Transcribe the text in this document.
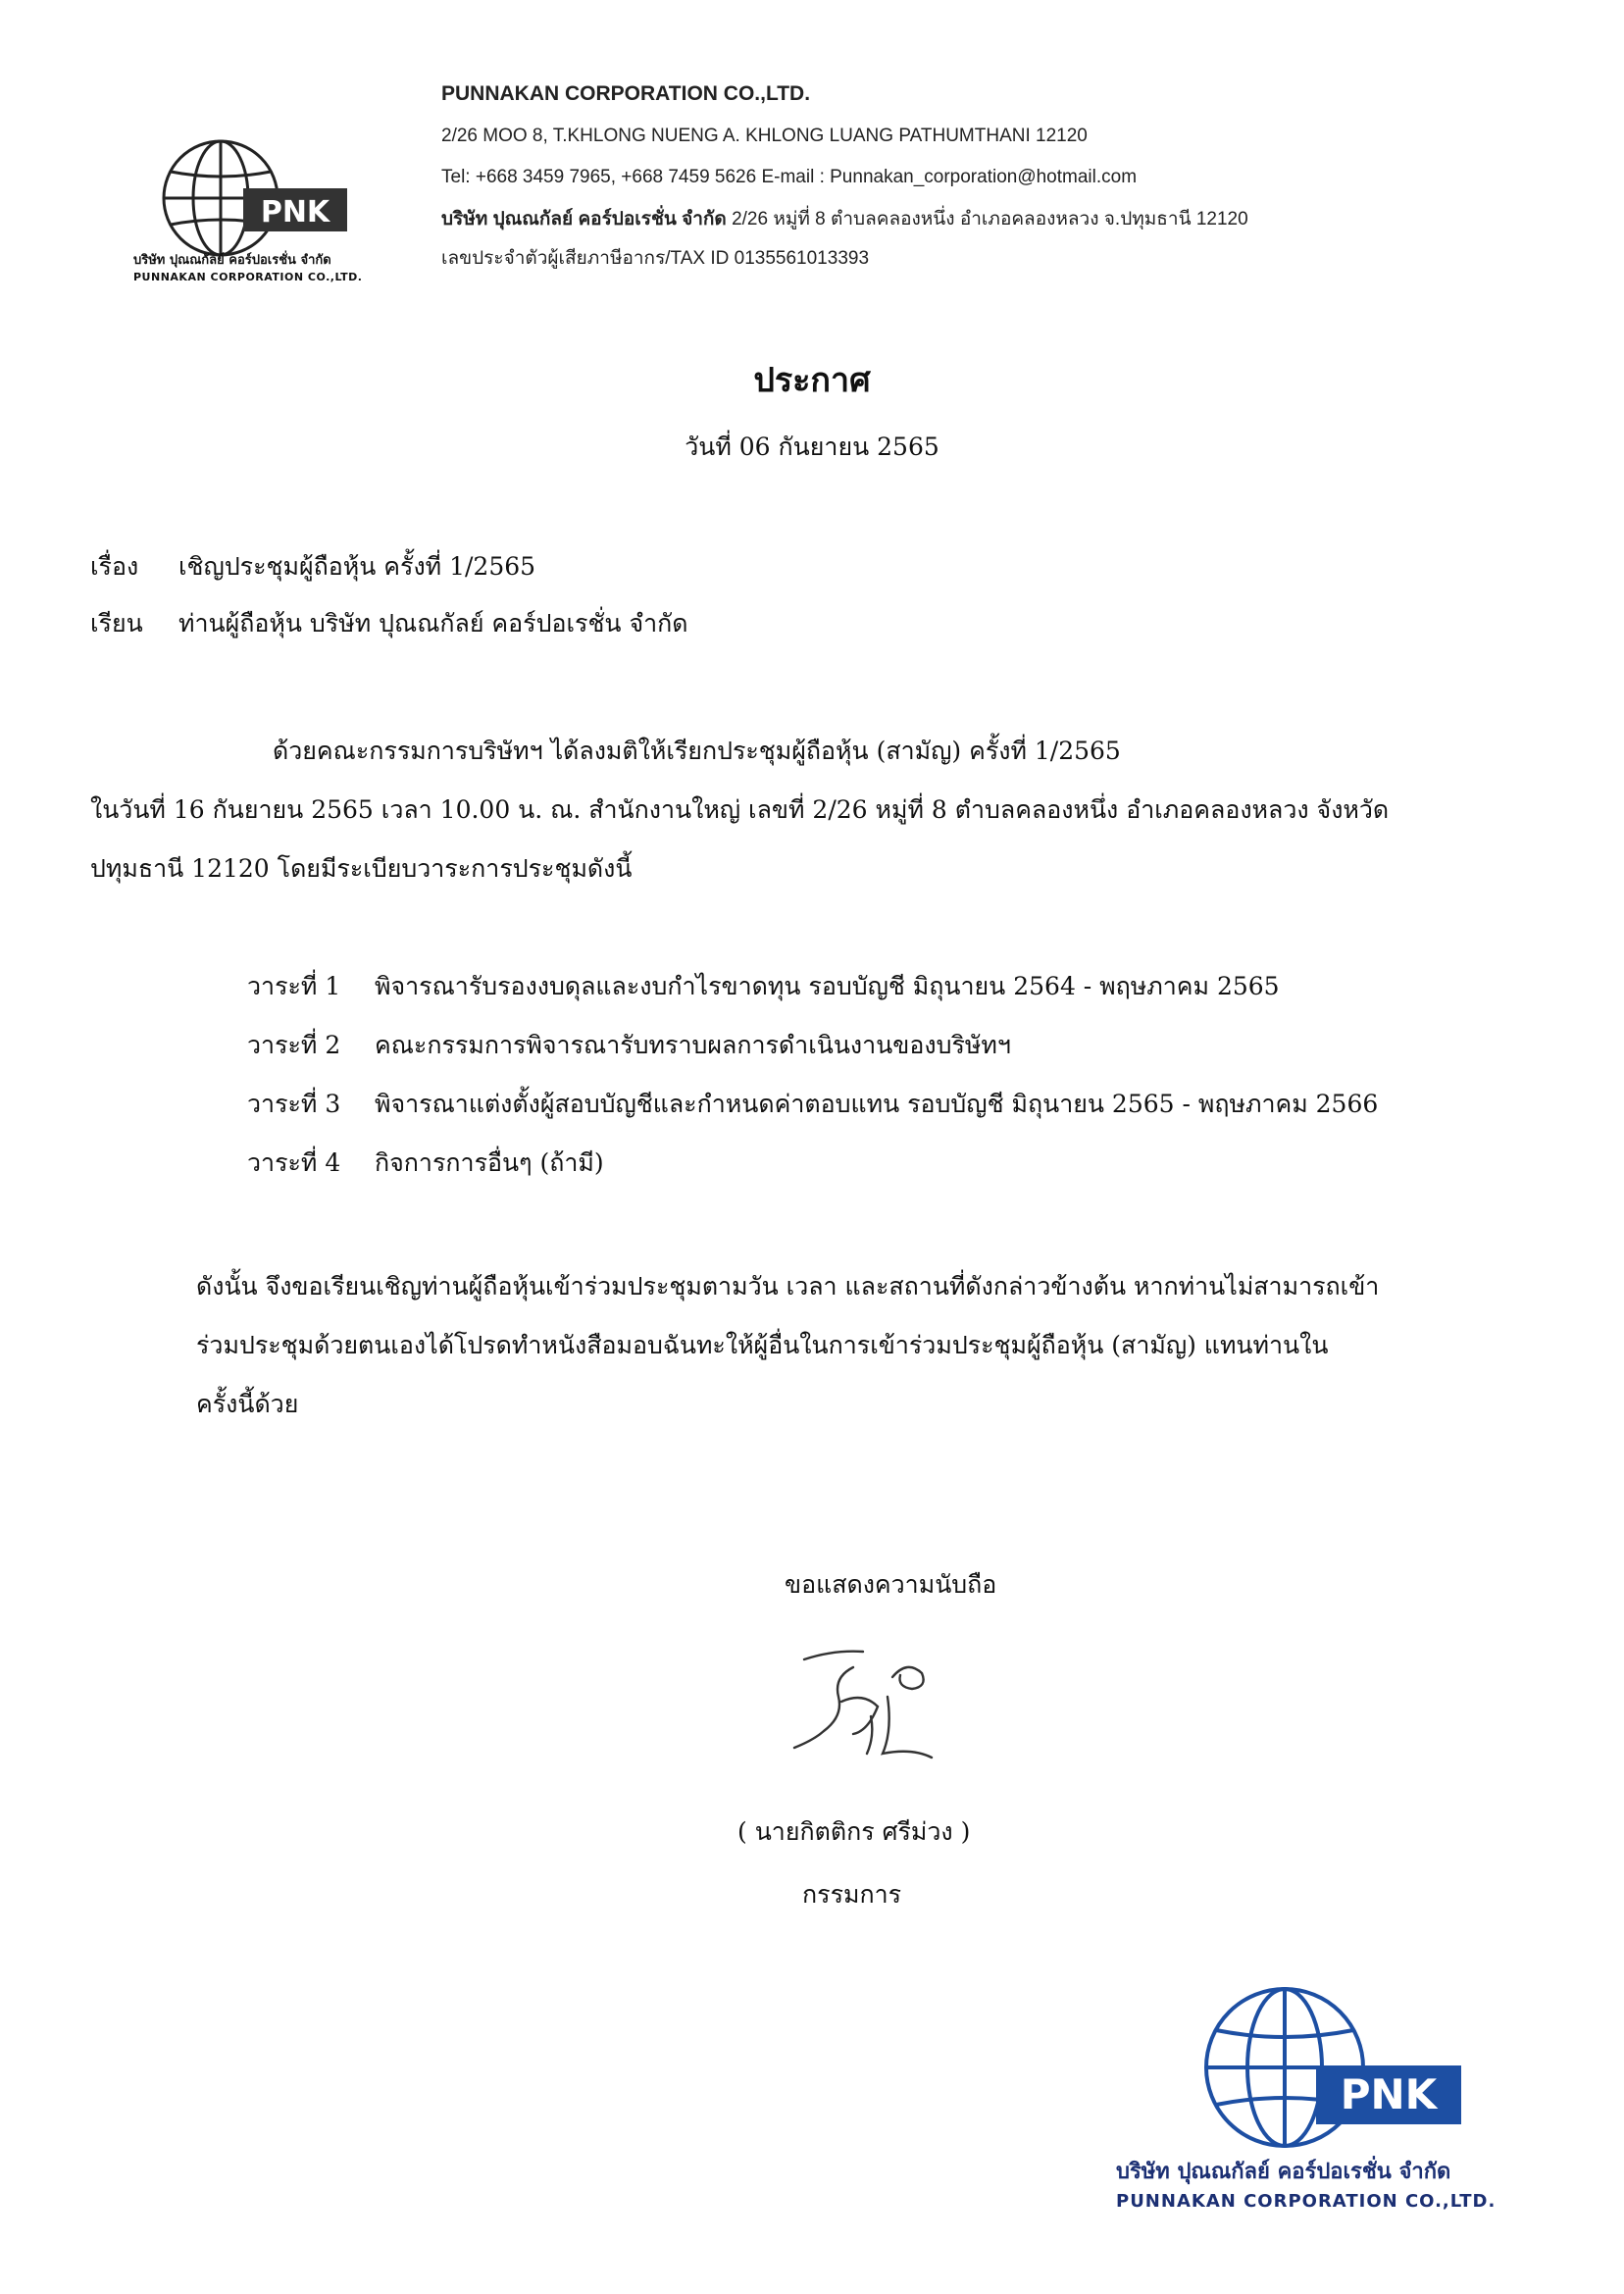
PNK
บริษัท ปุณณกัลย์ คอร์ปอเรชั่น จำกัด
PUNNAKAN CORPORATION CO.,LTD.
PUNNAKAN CORPORATION CO.,LTD.
2/26 MOO 8, T.KHLONG NUENG A. KHLONG LUANG PATHUMTHANI 12120
Tel: +668 3459 7965, +668 7459 5626 E-mail : Punnakan_corporation@hotmail.com
บริษัท ปุณณกัลย์ คอร์ปอเรชั่น จำกัด 2/26 หมู่ที่ 8 ตำบลคลองหนึ่ง อำเภอคลองหลวง จ.ปทุมธานี 12120
เลขประจำตัวผู้เสียภาษีอากร/TAX ID 0135561013393
ประกาศ
วันที่ 06 กันยายน 2565
เรื่อง เชิญประชุมผู้ถือหุ้น ครั้งที่ 1/2565
เรียน ท่านผู้ถือหุ้น บริษัท ปุณณกัลย์ คอร์ปอเรชั่น จำกัด
ด้วยคณะกรรมการบริษัทฯ ได้ลงมติให้เรียกประชุมผู้ถือหุ้น (สามัญ) ครั้งที่ 1/2565
ในวันที่ 16 กันยายน 2565 เวลา 10.00 น. ณ. สำนักงานใหญ่ เลขที่ 2/26 หมู่ที่ 8 ตำบลคลองหนึ่ง อำเภอคลองหลวง จังหวัด
ปทุมธานี 12120 โดยมีระเบียบวาระการประชุมดังนี้
วาระที่ 1 พิจารณารับรองงบดุลและงบกำไรขาดทุน รอบบัญชี มิถุนายน 2564 - พฤษภาคม 2565
วาระที่ 2 คณะกรรมการพิจารณารับทราบผลการดำเนินงานของบริษัทฯ
วาระที่ 3 พิจารณาแต่งตั้งผู้สอบบัญชีและกำหนดค่าตอบแทน รอบบัญชี มิถุนายน 2565 - พฤษภาคม 2566
วาระที่ 4 กิจการการอื่นๆ (ถ้ามี)
ดังนั้น จึงขอเรียนเชิญท่านผู้ถือหุ้นเข้าร่วมประชุมตามวัน เวลา และสถานที่ดังกล่าวข้างต้น หากท่านไม่สามารถเข้า
ร่วมประชุมด้วยตนเองได้โปรดทำหนังสือมอบฉันทะให้ผู้อื่นในการเข้าร่วมประชุมผู้ถือหุ้น (สามัญ) แทนท่านใน
ครั้งนี้ด้วย
ขอแสดงความนับถือ
( นายกิตติกร ศรีม่วง )
กรรมการ
PNK
บริษัท ปุณณกัลย์ คอร์ปอเรชั่น จำกัด
PUNNAKAN CORPORATION CO.,LTD.
